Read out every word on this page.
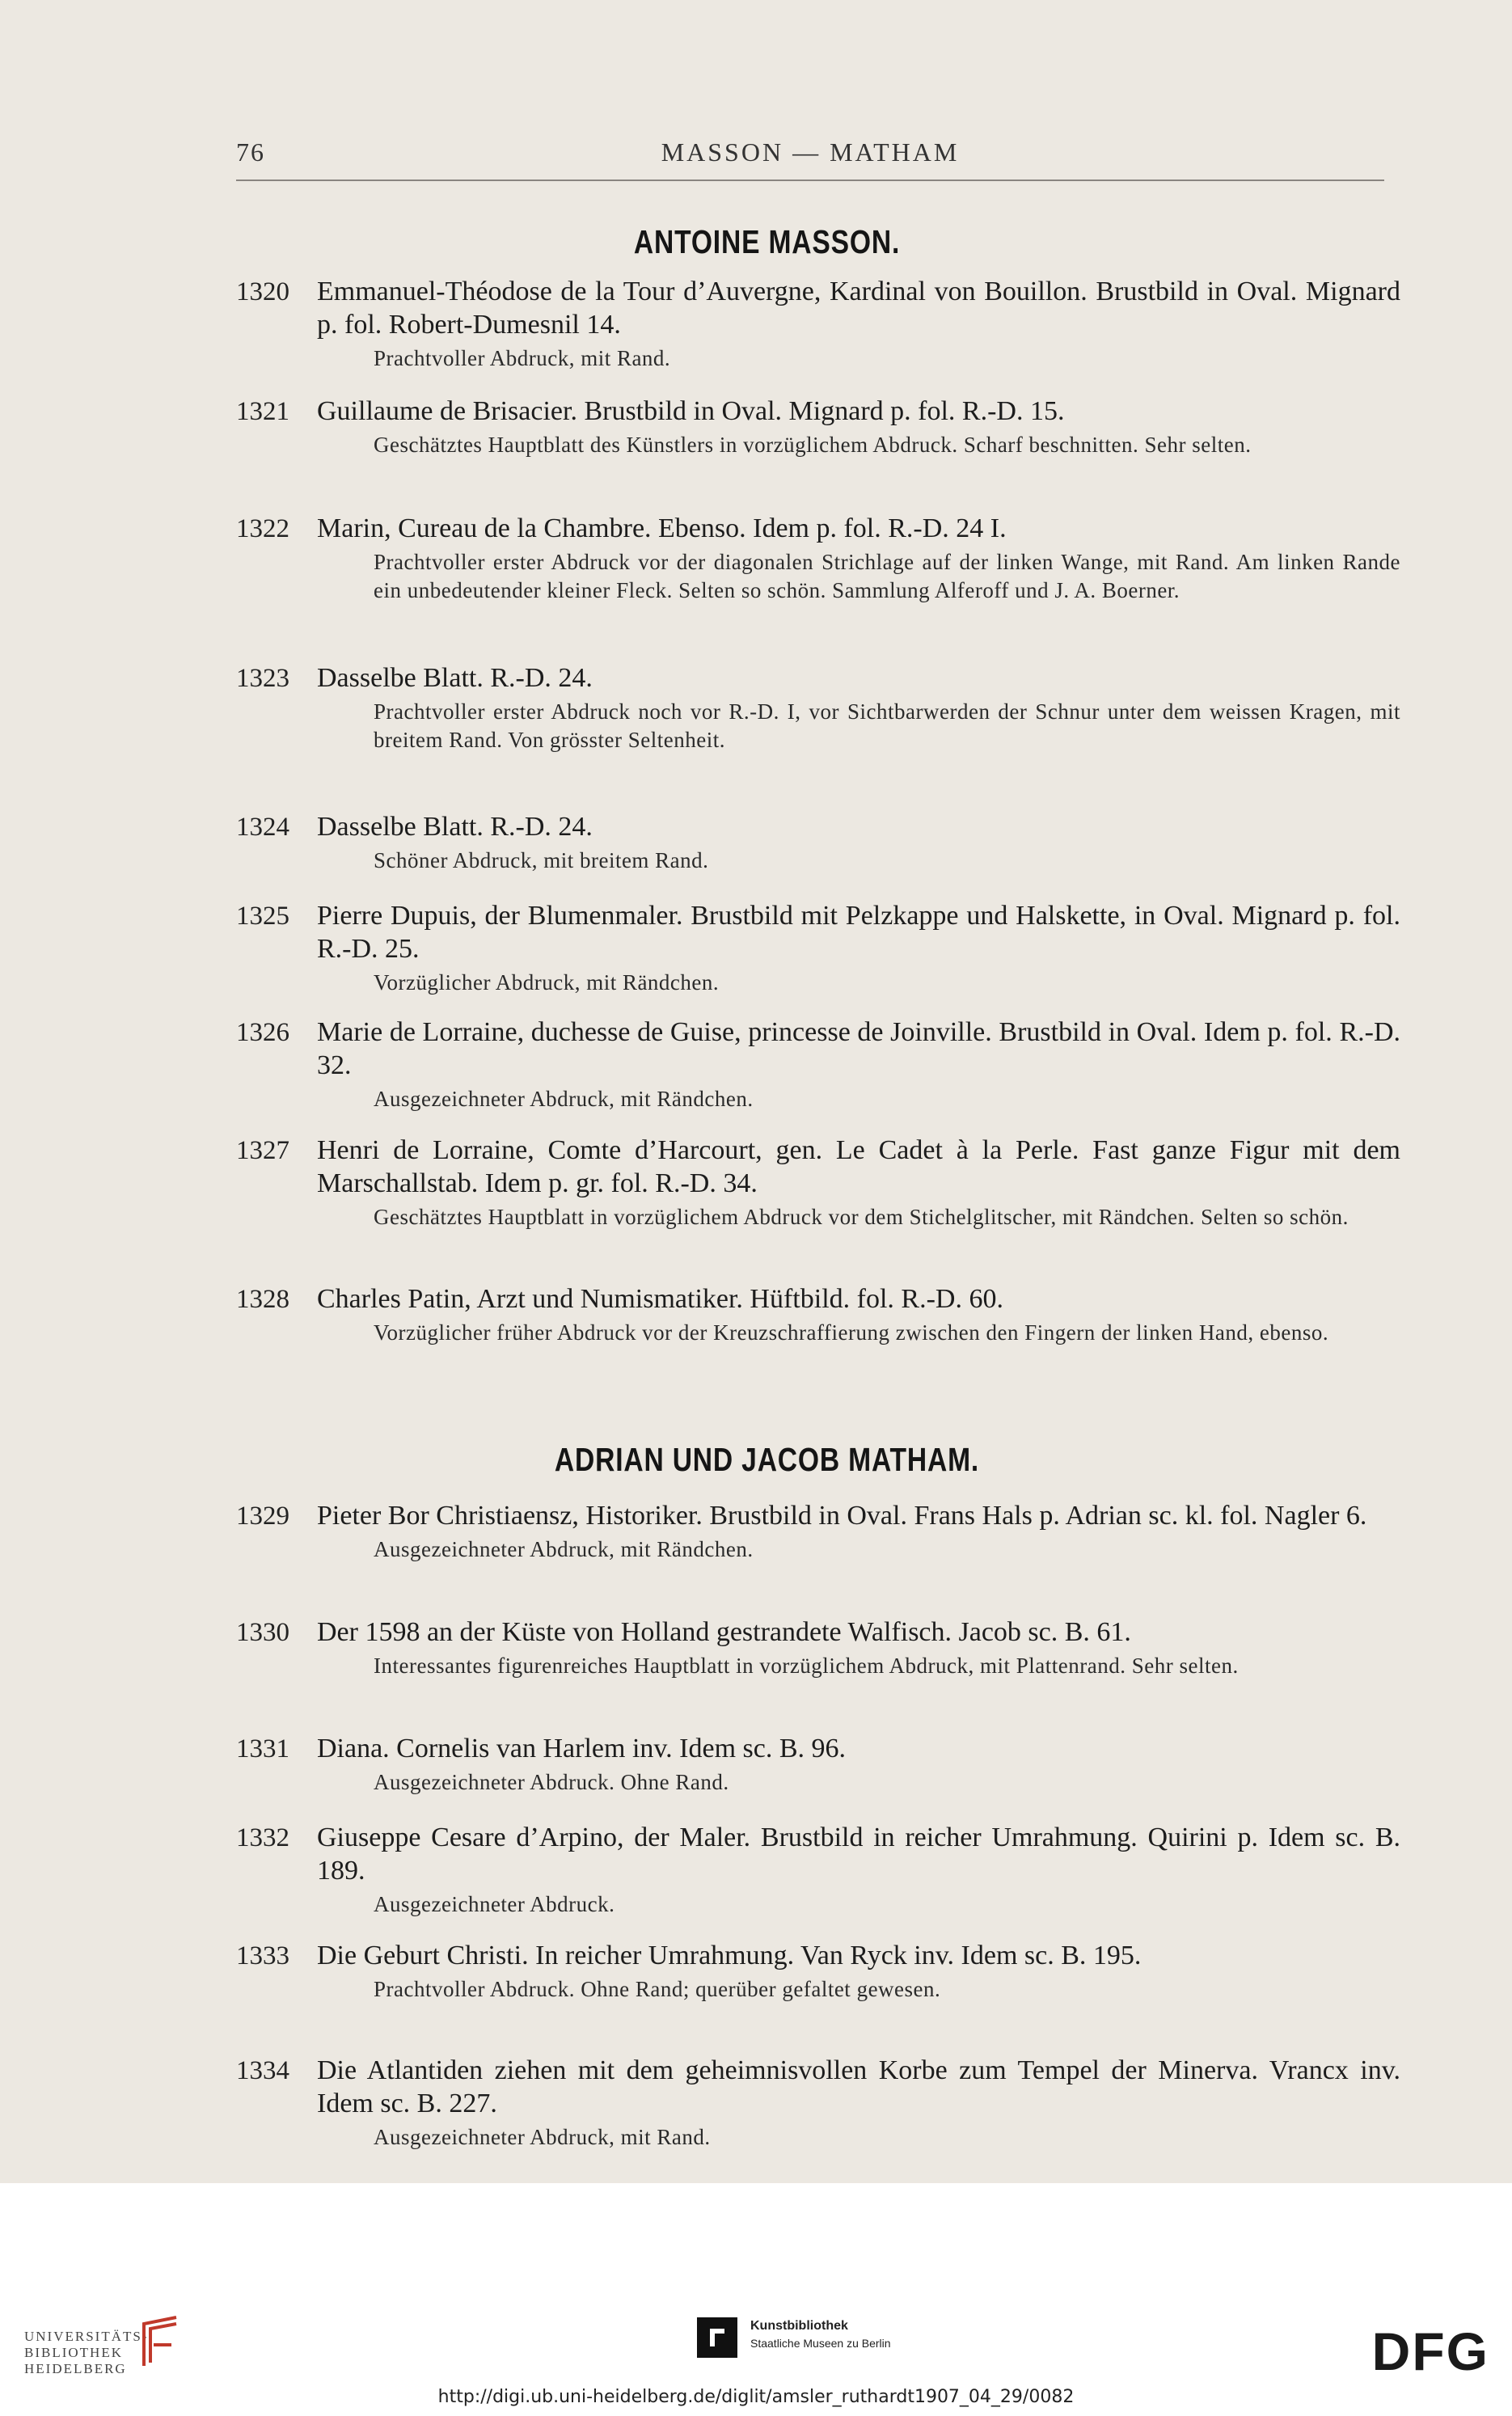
76	MASSON — MATHAM
ANTOINE MASSON.
1320 Emmanuel-Théodose de la Tour d’Auvergne, Kardinal von Bouillon. Brustbild in Oval. Mignard p. fol. Robert-Dumesnil 14.
Prachtvoller Abdruck, mit Rand.
1321 Guillaume de Brisacier. Brustbild in Oval. Mignard p. fol. R.-D. 15.
Geschätztes Hauptblatt des Künstlers in vorzüglichem Abdruck. Scharf beschnitten. Sehr selten.
1322 Marin, Cureau de la Chambre. Ebenso. Idem p. fol. R.-D. 24 I.
Prachtvoller erster Abdruck vor der diagonalen Strichlage auf der linken Wange, mit Rand. Am linken Rande ein unbedeutender kleiner Fleck. Selten so schön. Sammlung Alferoff und J. A. Boerner.
1323 Dasselbe Blatt. R.-D. 24.
Prachtvoller erster Abdruck noch vor R.-D. I, vor Sichtbarwerden der Schnur unter dem weissen Kragen, mit breitem Rand. Von grösster Seltenheit.
1324 Dasselbe Blatt. R.-D. 24.
Schöner Abdruck, mit breitem Rand.
1325 Pierre Dupuis, der Blumenmaler. Brustbild mit Pelzkappe und Halskette, in Oval. Mignard p. fol. R.-D. 25.
Vorzüglicher Abdruck, mit Rändchen.
1326 Marie de Lorraine, duchesse de Guise, princesse de Joinville. Brustbild in Oval. Idem p. fol. R.-D. 32.
Ausgezeichneter Abdruck, mit Rändchen.
1327 Henri de Lorraine, Comte d’Harcourt, gen. Le Cadet à la Perle. Fast ganze Figur mit dem Marschallstab. Idem p. gr. fol. R.-D. 34.
Geschätztes Hauptblatt in vorzüglichem Abdruck vor dem Stichelglitscher, mit Rändchen. Selten so schön.
1328 Charles Patin, Arzt und Numismatiker. Hüftbild. fol. R.-D. 60.
Vorzüglicher früher Abdruck vor der Kreuzschraffierung zwischen den Fingern der linken Hand, ebenso.
ADRIAN UND JACOB MATHAM.
1329 Pieter Bor Christiaensz, Historiker. Brustbild in Oval. Frans Hals p. Adrian sc. kl. fol. Nagler 6.
Ausgezeichneter Abdruck, mit Rändchen.
1330 Der 1598 an der Küste von Holland gestrandete Walfisch. Jacob sc. B. 61.
Interessantes figurenreiches Hauptblatt in vorzüglichem Abdruck, mit Plattenrand. Sehr selten.
1331 Diana. Cornelis van Harlem inv. Idem sc. B. 96.
Ausgezeichneter Abdruck. Ohne Rand.
1332 Giuseppe Cesare d’Arpino, der Maler. Brustbild in reicher Umrahmung. Quirini p. Idem sc. B. 189.
Ausgezeichneter Abdruck.
1333 Die Geburt Christi. In reicher Umrahmung. Van Ryck inv. Idem sc. B. 195.
Prachtvoller Abdruck. Ohne Rand; querüber gefaltet gewesen.
1334 Die Atlantiden ziehen mit dem geheimnisvollen Korbe zum Tempel der Minerva. Vrancx inv. Idem sc. B. 227.
Ausgezeichneter Abdruck, mit Rand.
UNIVERSITÄTS-
BIBLIOTHEK
HEIDELBERG
Kunstbibliothek
Staatliche Museen zu Berlin	DFG
http://digi.ub.uni-heidelberg.de/diglit/amsler_ruthardt1907_04_29/0082
